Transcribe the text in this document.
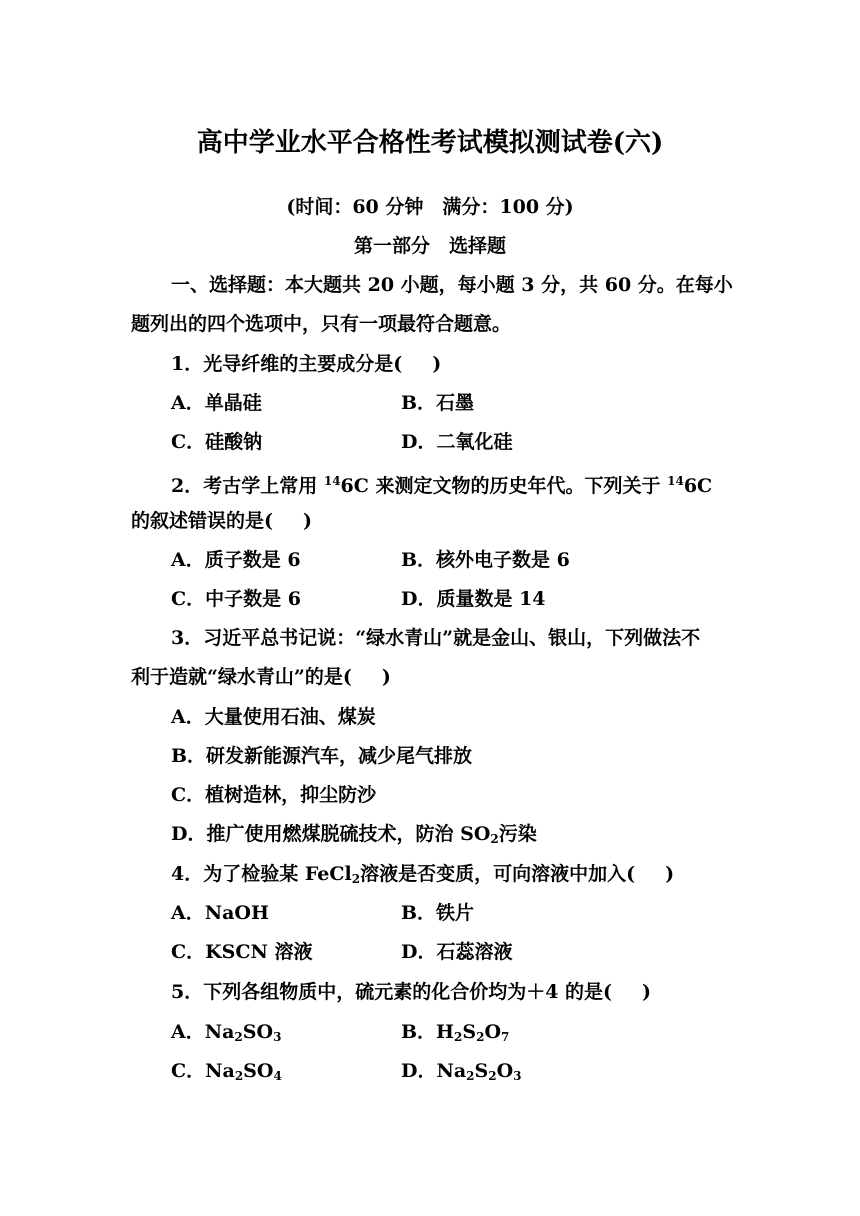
高中学业水平合格性考试模拟测试卷(六)
(时间：60 分钟　满分：100 分)
第一部分　选择题
一、选择题：本大题共 20 小题，每小题 3 分，共 60 分。在每小
题列出的四个选项中，只有一项最符合题意。
1．光导纤维的主要成分是( )
A．单晶硅	B．石墨
C．硅酸钠	D．二氧化硅
2．考古学上常用 $^{14}$6C 来测定文物的历史年代。下列关于 $^{14}$6C
的叙述错误的是( )
A．质子数是 6	B．核外电子数是 6
C．中子数是 6	D．质量数是 14
3．习近平总书记说：“绿水青山”就是金山、银山，下列做法不
利于造就“绿水青山”的是( )
A．大量使用石油、煤炭
B．研发新能源汽车，减少尾气排放
C．植树造林，抑尘防沙
D．推广使用燃煤脱硫技术，防治 $SO_2$污染
4．为了检验某 FeCl$_2$溶液是否变质，可向溶液中加入( )
A．NaOH	B．铁片
C．KSCN 溶液	D．石蕊溶液
5．下列各组物质中，硫元素的化合价均为＋4 的是( )
A．$Na_2SO_3$	B．$H_2S_2O_7$
C．$Na_2SO_4$	D．$Na_2S_2O_3$
